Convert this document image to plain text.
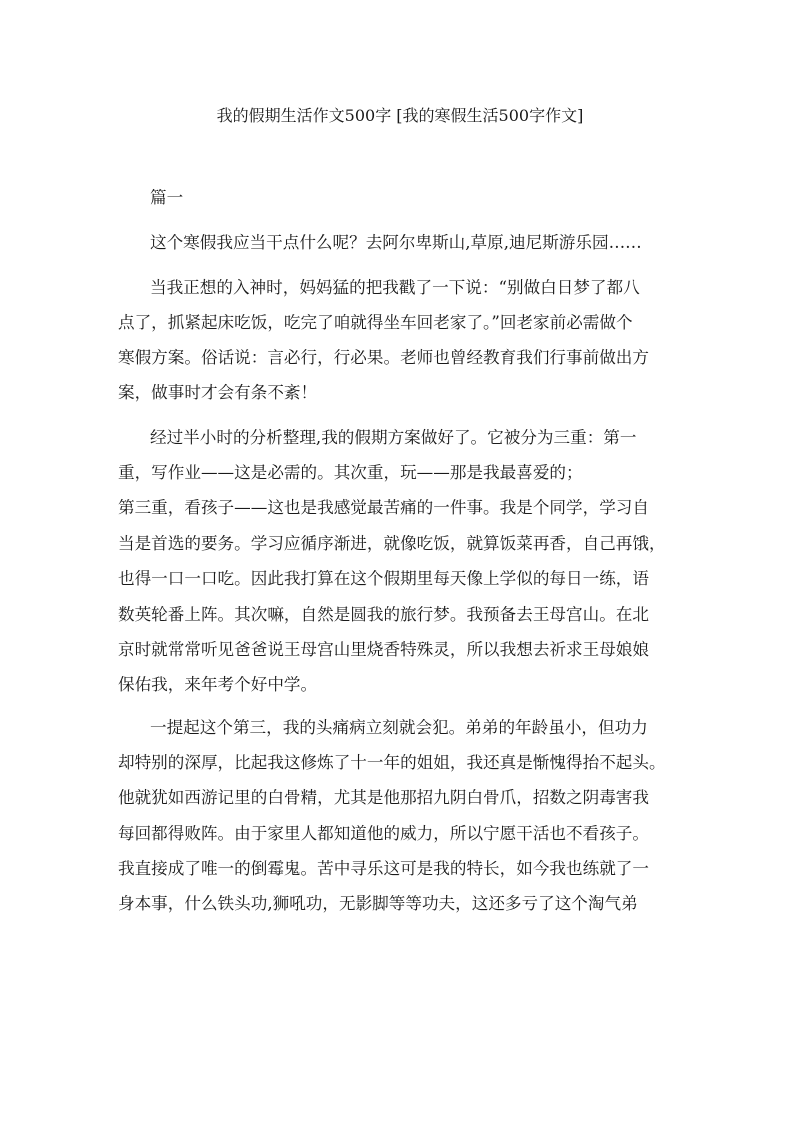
我的假期生活作文500字 [我的寒假生活500字作文]
篇一
这个寒假我应当干点什么呢？去阿尔卑斯山,草原,迪尼斯游乐园……
当我正想的入神时，妈妈猛的把我戳了一下说：“别做白日梦了都八
点了，抓紧起床吃饭，吃完了咱就得坐车回老家了。”回老家前必需做个
寒假方案。俗话说：言必行，行必果。老师也曾经教育我们行事前做出方
案，做事时才会有条不紊！
经过半小时的分析整理,我的假期方案做好了。它被分为三重：第一
重，写作业——这是必需的。其次重，玩——那是我最喜爱的；
第三重，看孩子——这也是我感觉最苦痛的一件事。我是个同学，学习自
当是首选的要务。学习应循序渐进，就像吃饭，就算饭菜再香，自己再饿，
也得一口一口吃。因此我打算在这个假期里每天像上学似的每日一练，语
数英轮番上阵。其次嘛，自然是圆我的旅行梦。我预备去王母宫山。在北
京时就常常听见爸爸说王母宫山里烧香特殊灵，所以我想去祈求王母娘娘
保佑我，来年考个好中学。
一提起这个第三，我的头痛病立刻就会犯。弟弟的年龄虽小，但功力
却特别的深厚，比起我这修炼了十一年的姐姐，我还真是惭愧得抬不起头。
他就犹如西游记里的白骨精，尤其是他那招九阴白骨爪，招数之阴毒害我
每回都得败阵。由于家里人都知道他的威力，所以宁愿干活也不看孩子。
我直接成了唯一的倒霉鬼。苦中寻乐这可是我的特长，如今我也练就了一
身本事，什么铁头功,狮吼功，无影脚等等功夫，这还多亏了这个淘气弟
